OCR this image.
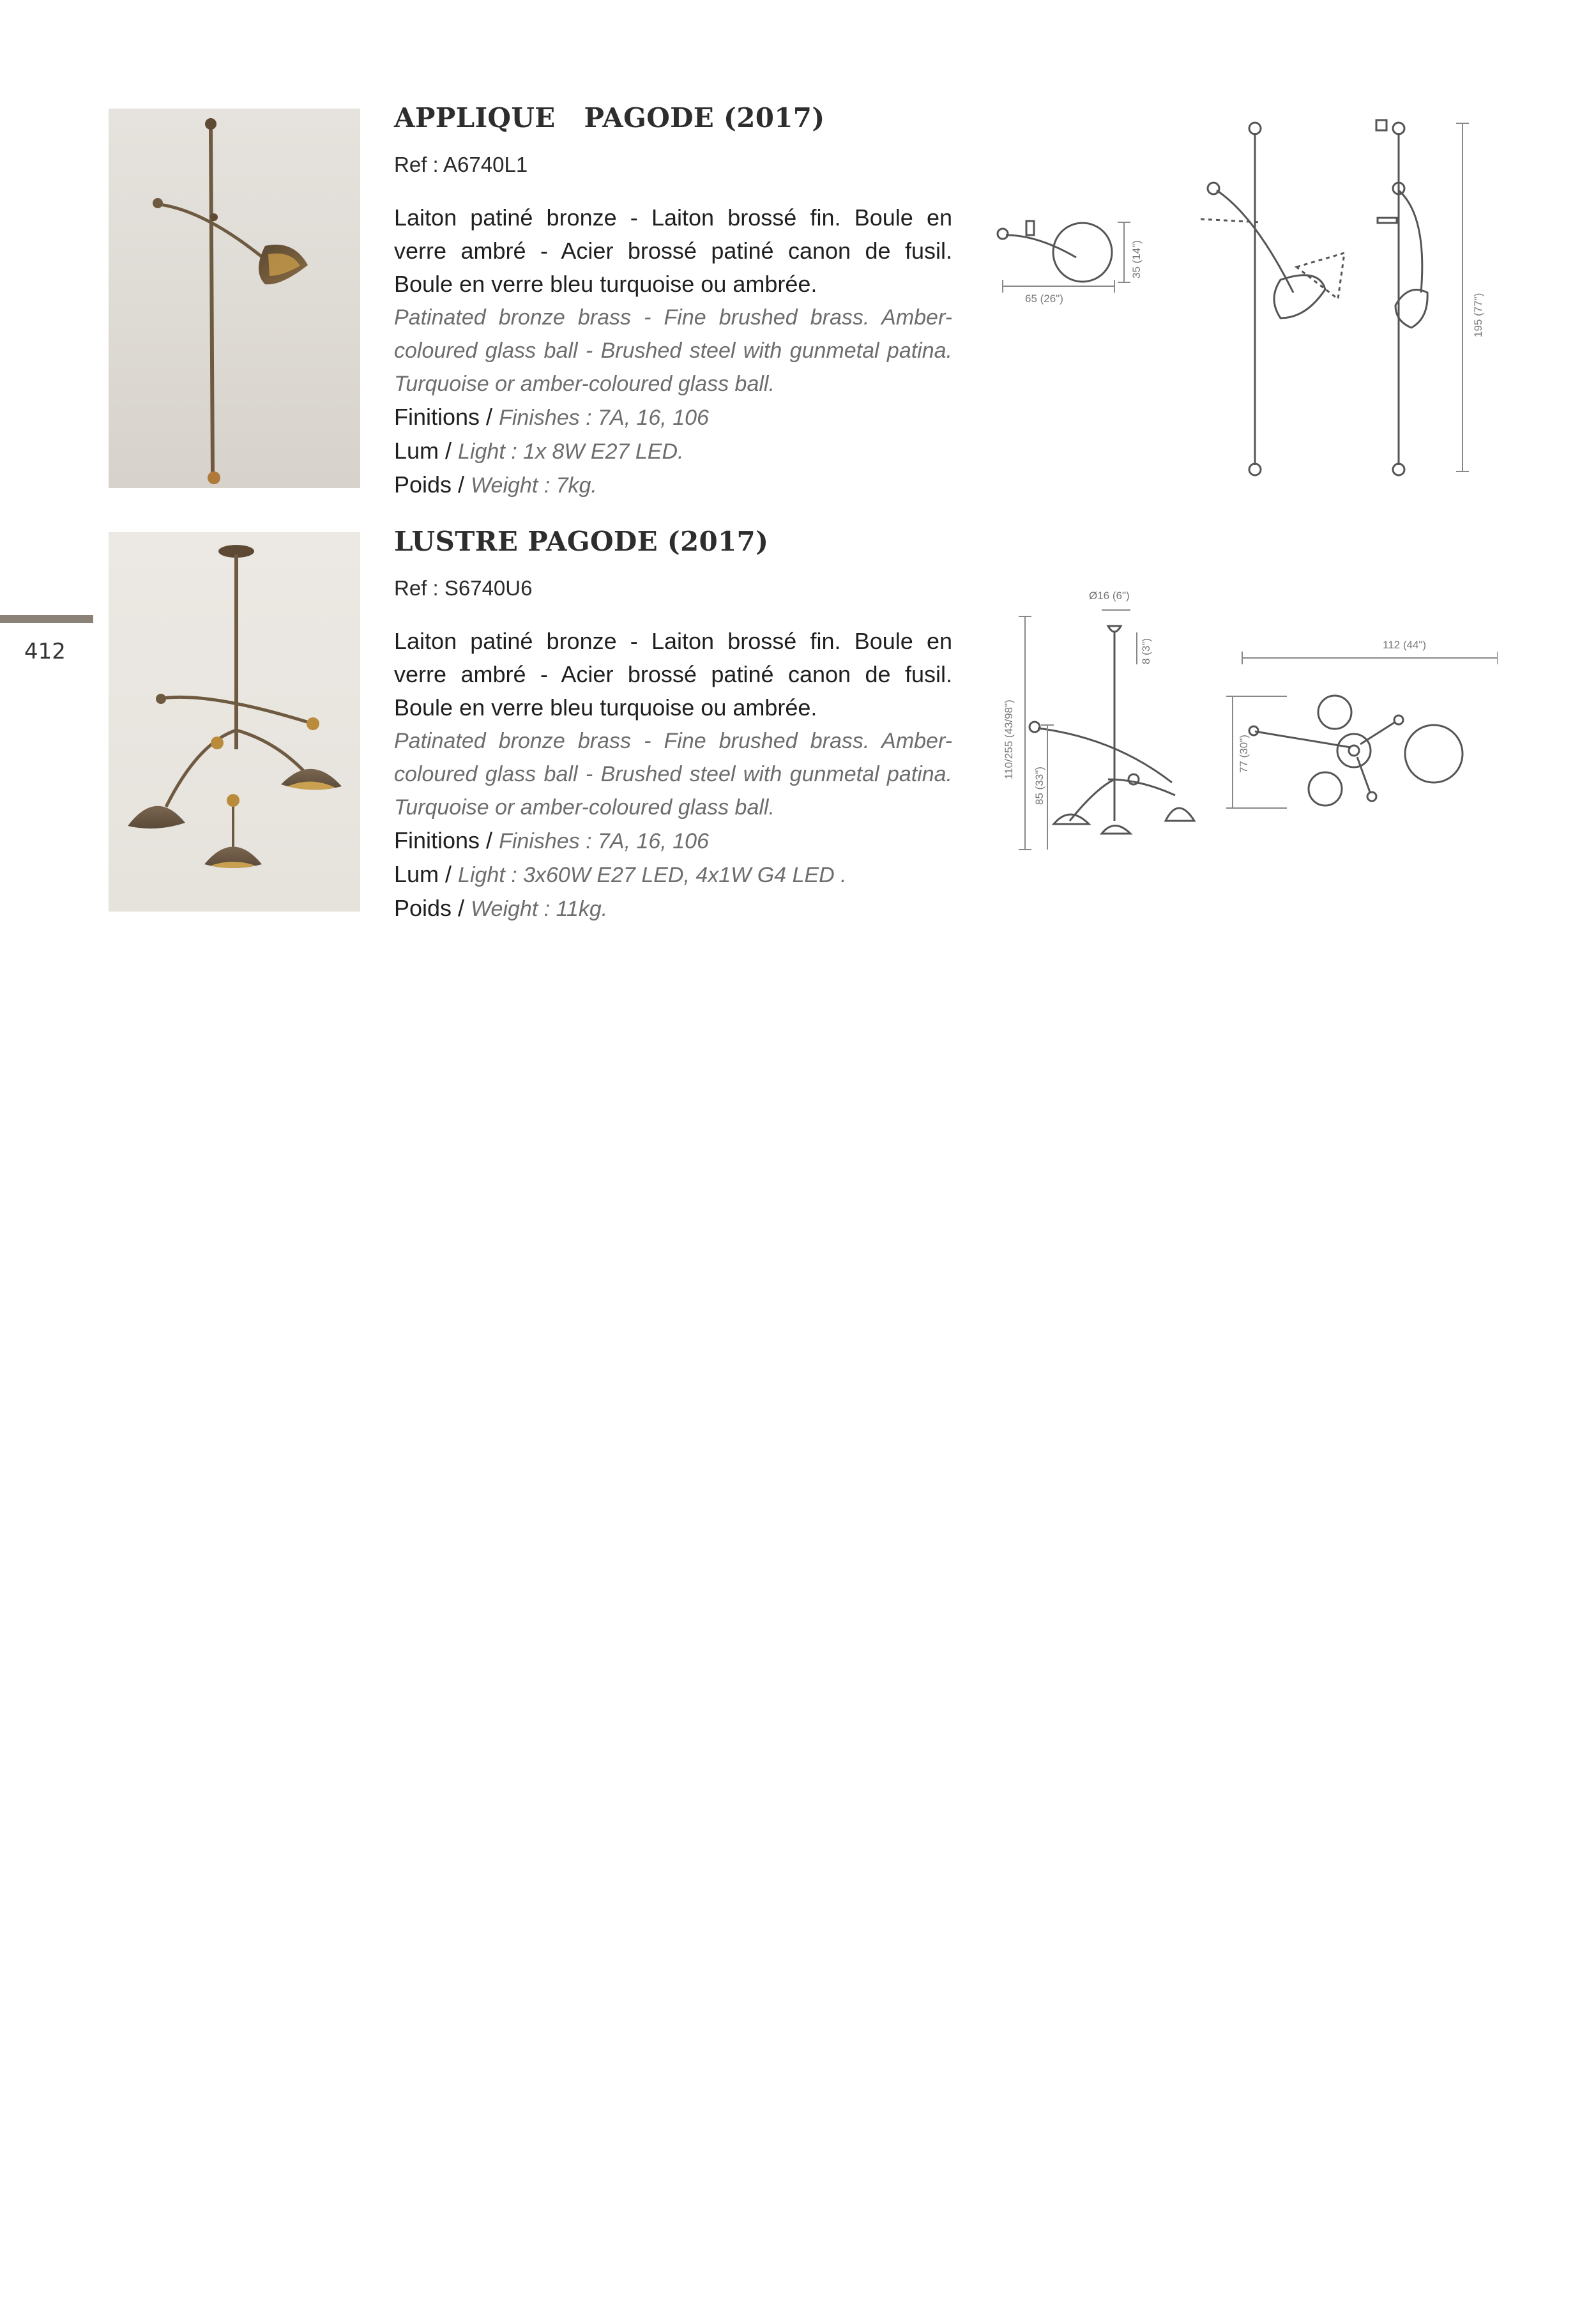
412
APPLIQUE   PAGODE (2017)
Ref : A6740L1

Laiton patiné bronze - Laiton brossé fin. Boule en verre ambré - Acier brossé patiné canon de fusil. Boule en verre bleu turquoise ou ambrée.

Patinated bronze brass - Fine brushed brass. Amber-coloured glass ball - Brushed steel with gunmetal patina. Turquoise or amber-coloured glass ball.

Finitions / Finishes : 7A, 16, 106

Lum / Light : 1x 8W E27 LED.

Poids / Weight : 7kg.

65 (26")
35 (14")
195 (77")
LUSTRE PAGODE (2017)
Ref : S6740U6

Laiton patiné bronze - Laiton brossé fin. Boule en verre ambré - Acier brossé patiné canon de fusil. Boule en verre bleu turquoise ou ambrée.

Patinated bronze brass - Fine brushed brass. Amber-coloured glass ball - Brushed steel with gunmetal patina. Turquoise or amber-coloured glass ball.

Finitions / Finishes : 7A, 16, 106

Lum / Light : 3x60W E27 LED, 4x1W G4 LED .

Poids / Weight : 11kg.

Ø16 (6")
8 (3")
110/255 (43/98")
85 (33")
112 (44")
77 (30")
